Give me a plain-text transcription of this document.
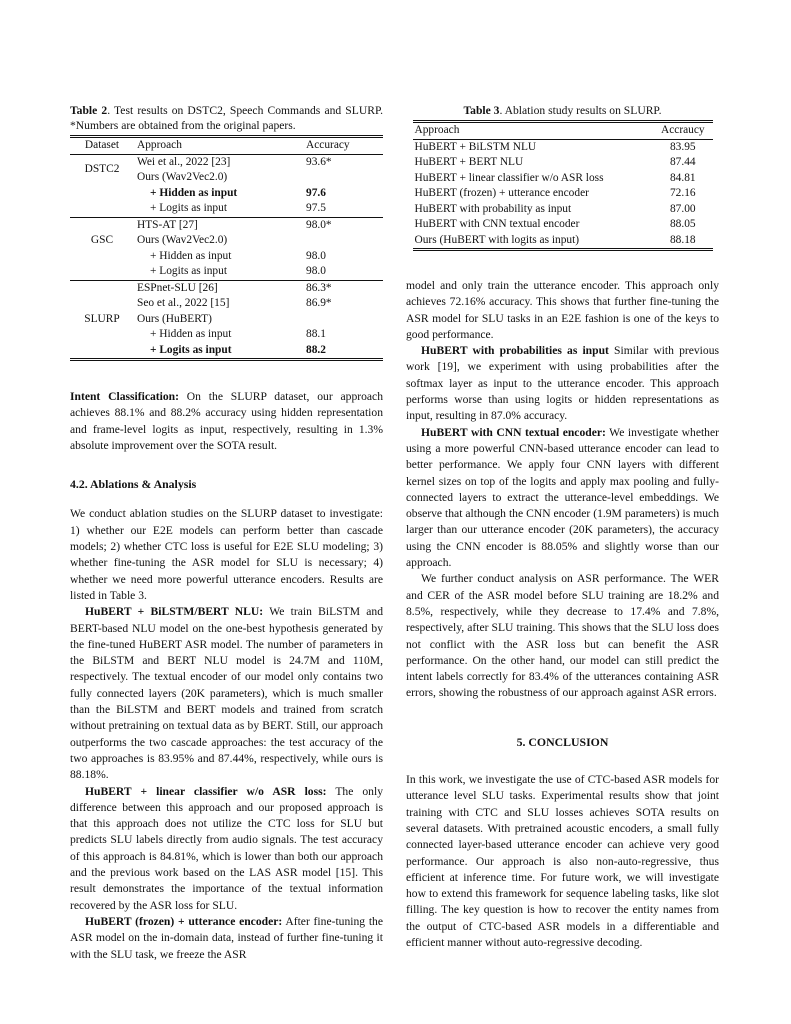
Table 2. Test results on DSTC2, Speech Commands and SLURP. *Numbers are obtained from the original papers.

Dataset	Approach	Accuracy
DSTC2	Wei et al., 2022 [23]	93.6*
	Ours (Wav2Vec2.0)	
	+ Hidden as input	97.6
	+ Logits as input	97.5
	HTS-AT [27]	98.0*
GSC	Ours (Wav2Vec2.0)	
	+ Hidden as input	98.0
	+ Logits as input	98.0
	ESPnet-SLU [26]	86.3*
	Seo et al., 2022 [15]	86.9*
SLURP	Ours (HuBERT)	
	+ Hidden as input	88.1
	+ Logits as input	88.2

Intent Classification: On the SLURP dataset, our approach achieves 88.1% and 88.2% accuracy using hidden representation and frame-level logits as input, respectively, resulting in 1.3% absolute improvement over the SOTA result.

4.2. Ablations & Analysis

We conduct ablation studies on the SLURP dataset to investigate: 1) whether our E2E models can perform better than cascade models; 2) whether CTC loss is useful for E2E SLU modeling; 3) whether fine-tuning the ASR model for SLU is necessary; 4) whether we need more powerful utterance encoders. Results are listed in Table 3.

HuBERT + BiLSTM/BERT NLU: We train BiLSTM and BERT-based NLU model on the one-best hypothesis generated by the fine-tuned HuBERT ASR model. The number of parameters in the BiLSTM and BERT NLU model is 24.7M and 110M, respectively. The textual encoder of our model only contains two fully connected layers (20K parameters), which is much smaller than the BiLSTM and BERT models and trained from scratch without pretraining on textual data as by BERT. Still, our approach outperforms the two cascade approaches: the test accuracy of the two approaches is 83.95% and 87.44%, respectively, while ours is 88.18%.

HuBERT + linear classifier w/o ASR loss: The only difference between this approach and our proposed approach is that this approach does not utilize the CTC loss for SLU but predicts SLU labels directly from audio signals. The test accuracy of this approach is 84.81%, which is lower than both our approach and the previous work based on the LAS ASR model [15]. This result demonstrates the importance of the textual information recovered by the ASR loss for SLU.

HuBERT (frozen) + utterance encoder: After fine-tuning the ASR model on the in-domain data, instead of further fine-tuning it with the SLU task, we freeze the ASR

Table 3. Ablation study results on SLURP.

Approach	Accraucy
HuBERT + BiLSTM NLU	83.95
HuBERT + BERT NLU	87.44
HuBERT + linear classifier w/o ASR loss	84.81
HuBERT (frozen) + utterance encoder	72.16
HuBERT with probability as input	87.00
HuBERT with CNN textual encoder	88.05
Ours (HuBERT with logits as input)	88.18

model and only train the utterance encoder. This approach only achieves 72.16% accuracy. This shows that further fine-tuning the ASR model for SLU tasks in an E2E fashion is one of the keys to good performance.

HuBERT with probabilities as input Similar with previous work [19], we experiment with using probabilities after the softmax layer as input to the utterance encoder. This approach performs worse than using logits or hidden representations as input, resulting in 87.0% accuracy.

HuBERT with CNN textual encoder: We investigate whether using a more powerful CNN-based utterance encoder can lead to better performance. We apply four CNN layers with different kernel sizes on top of the logits and apply max pooling and fully-connected layers to extract the utterance-level embeddings. We observe that although the CNN encoder (1.9M parameters) is much larger than our utterance encoder (20K parameters), the accuracy using the CNN encoder is 88.05% and slightly worse than our approach.

We further conduct analysis on ASR performance. The WER and CER of the ASR model before SLU training are 18.2% and 8.5%, respectively, while they decrease to 17.4% and 7.8%, respectively, after SLU training. This shows that the SLU loss does not conflict with the ASR loss but can benefit the ASR performance. On the other hand, our model can still predict the intent labels correctly for 83.4% of the utterances containing ASR errors, showing the robustness of our approach against ASR errors.

5. CONCLUSION

In this work, we investigate the use of CTC-based ASR models for utterance level SLU tasks. Experimental results show that joint training with CTC and SLU losses achieves SOTA results on several datasets. With pretrained acoustic encoders, a small fully connected layer-based utterance encoder can achieve very good performance. Our approach is also non-auto-regressive, thus efficient at inference time. For future work, we will investigate how to extend this framework for sequence labeling tasks, like slot filling. The key question is how to recover the entity names from the output of CTC-based ASR models in a differentiable and efficient manner without auto-regressive decoding.
